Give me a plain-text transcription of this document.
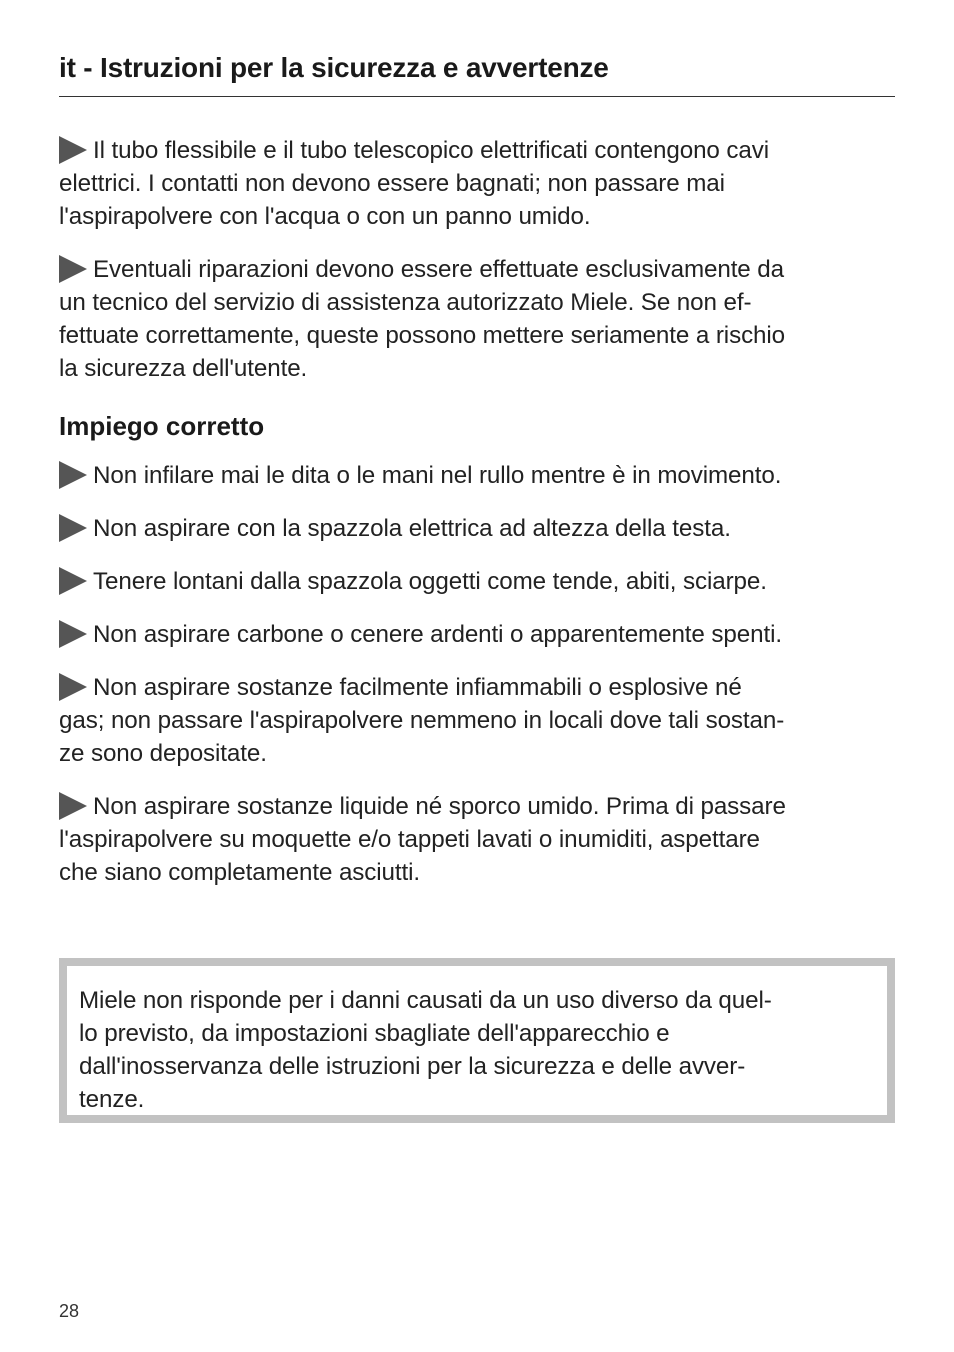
it - Istruzioni per la sicurezza e avvertenze

Il tubo flessibile e il tubo telescopico elettrificati contengono cavi
elettrici. I contatti non devono essere bagnati; non passare mai
l'aspirapolvere con l'acqua o con un panno umido.

Eventuali riparazioni devono essere effettuate esclusivamente da
un tecnico del servizio di assistenza autorizzato Miele. Se non ef-
fettuate correttamente, queste possono mettere seriamente a rischio
la sicurezza dell'utente.

Impiego corretto

Non infilare mai le dita o le mani nel rullo mentre è in movimento.

Non aspirare con la spazzola elettrica ad altezza della testa.

Tenere lontani dalla spazzola oggetti come tende, abiti, sciarpe.

Non aspirare carbone o cenere ardenti o apparentemente spenti.

Non aspirare sostanze facilmente infiammabili o esplosive né
gas; non passare l'aspirapolvere nemmeno in locali dove tali sostan-
ze sono depositate.

Non aspirare sostanze liquide né sporco umido. Prima di passare
l'aspirapolvere su moquette e/o tappeti lavati o inumiditi, aspettare
che siano completamente asciutti.

Miele non risponde per i danni causati da un uso diverso da quel-
lo previsto, da impostazioni sbagliate dell'apparecchio e
dall'inosservanza delle istruzioni per la sicurezza e delle avver-
tenze.

28
